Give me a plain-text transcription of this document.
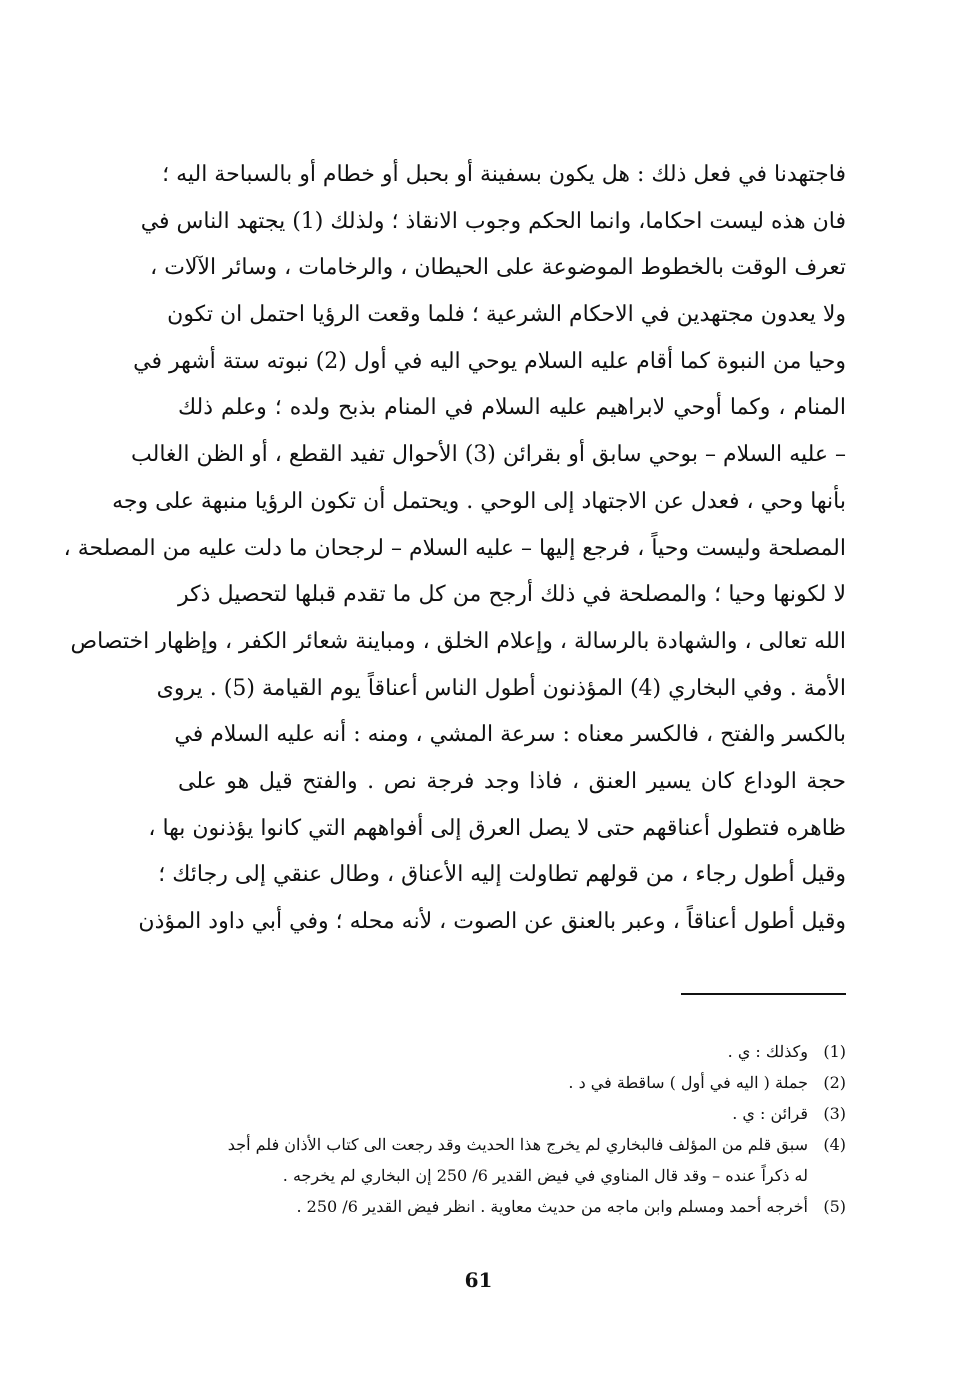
فاجتهدنا في فعل ذلك : هل يكون بسفينة أو بحبل أو خطام أو بالسباحة اليه ؛
فان هذه ليست احكاما، وانما الحكم وجوب الانقاذ ؛ ولذلك (1) يجتهد الناس في
تعرف الوقت بالخطوط الموضوعة على الحيطان ، والرخامات ، وسائر الآلات ،
ولا يعدون مجتهدين في الاحكام الشرعية ؛ فلما وقعت الرؤيا احتمل ان تكون
وحيا من النبوة كما أقام عليه السلام يوحي اليه في أول (2) نبوته ستة أشهر في
المنام ، وكما أوحي لابراهيم عليه السلام في المنام بذبح ولده ؛ وعلم ذلك
– عليه السلام – بوحي سابق أو بقرائن (3) الأحوال تفيد القطع ، أو الظن الغالب
بأنها وحي ، فعدل عن الاجتهاد إلى الوحي . ويحتمل أن تكون الرؤيا منبهة على وجه
المصلحة وليست وحياً ، فرجع إليها – عليه السلام – لرجحان ما دلت عليه من المصلحة ،
لا لكونها وحيا ؛ والمصلحة في ذلك أرجح من كل ما تقدم قبلها لتحصيل ذكر
الله تعالى ، والشهادة بالرسالة ، وإعلام الخلق ، ومباينة شعائر الكفر ، وإظهار اختصاص
الأمة . وفي البخاري (4) المؤذنون أطول الناس أعناقاً يوم القيامة (5) . يروى
بالكسر والفتح ، فالكسر معناه : سرعة المشي ، ومنه : أنه عليه السلام في
حجة الوداع كان يسير العنق ، فاذا وجد فرجة نص . والفتح قيل هو على
ظاهره فتطول أعناقهم حتى لا يصل العرق إلى أفواههم التي كانوا يؤذنون بها ،
وقيل أطول رجاء ، من قولهم تطاولت إليه الأعناق ، وطال عنقي إلى رجائك ؛
وقيل أطول أعناقاً ، وعبر بالعنق عن الصوت ، لأنه محله ؛ وفي أبي داود المؤذن
(1)
وكذلك : ي .
(2)
جملة ( اليه في أول ) ساقطة في د .
(3)
قرائن : ي .
(4)
سبق قلم من المؤلف فالبخاري لم يخرج هذا الحديث وقد رجعت الى كتاب الأذان فلم أجد
له ذكراً عنده – وقد قال المناوي في فيض القدير 6/ 250 إن البخاري لم يخرجه .
(5)
أخرجه أحمد ومسلم وابن ماجه من حديث معاوية . انظر فيض القدير 6/ 250 .
61
